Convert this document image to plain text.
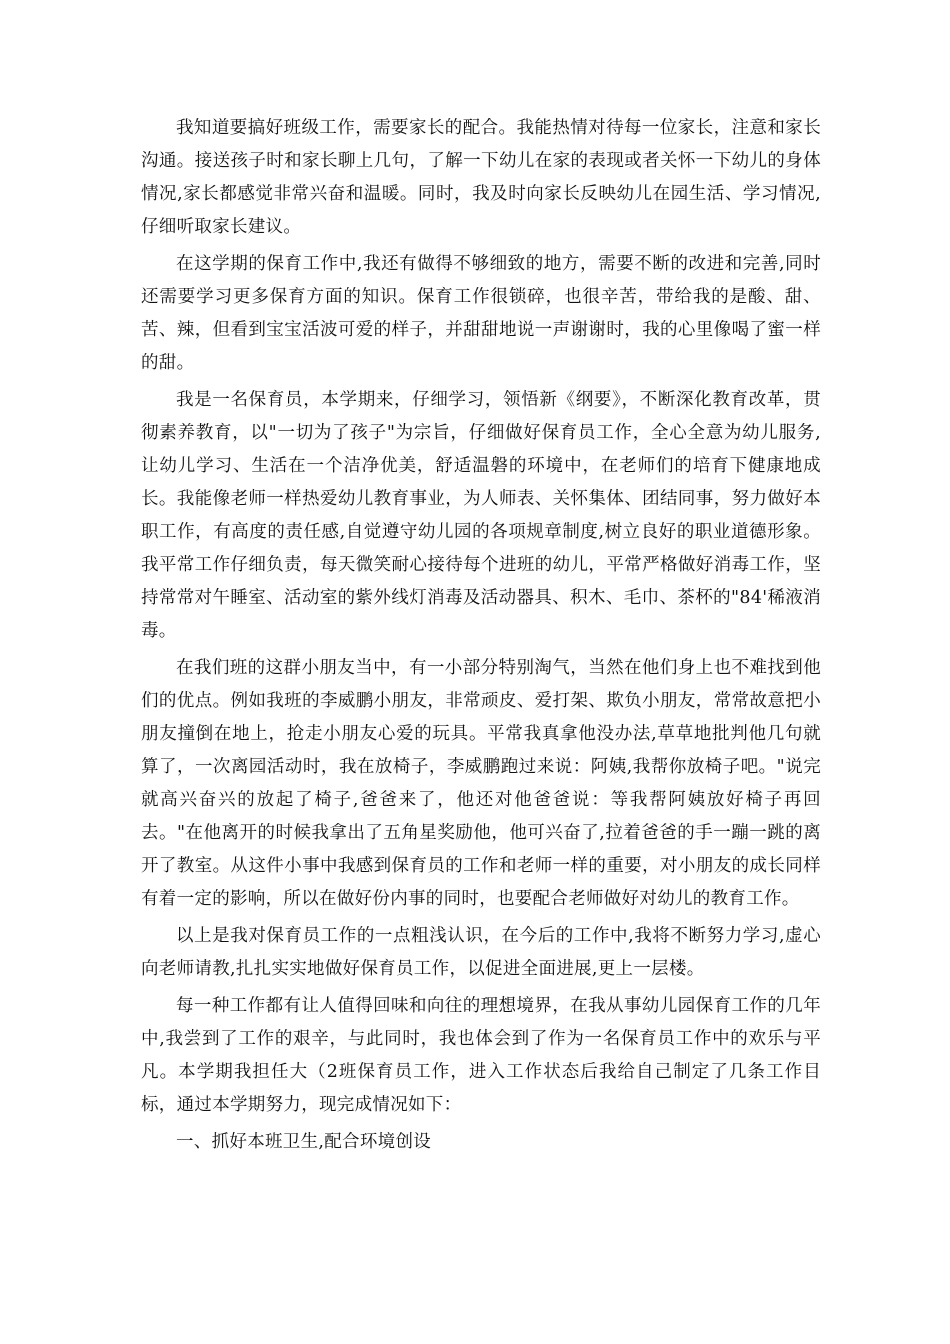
我知道要搞好班级工作，需要家长的配合。我能热情对待每一位家长，注意和家长沟通。接送孩子时和家长聊上几句，了解一下幼儿在家的表现或者关怀一下幼儿的身体情况,家长都感觉非常兴奋和温暖。同时，我及时向家长反映幼儿在园生活、学习情况,仔细听取家长建议。

在这学期的保育工作中,我还有做得不够细致的地方，需要不断的改进和完善,同时还需要学习更多保育方面的知识。保育工作很锁碎，也很辛苦，带给我的是酸、甜、苦、辣，但看到宝宝活波可爱的样子，并甜甜地说一声谢谢时，我的心里像喝了蜜一样的甜。

我是一名保育员，本学期来，仔细学习，领悟新《纲要》，不断深化教育改革，贯彻素养教育，以"一切为了孩子"为宗旨，仔细做好保育员工作，全心全意为幼儿服务,让幼儿学习、生活在一个洁净优美，舒适温磐的环境中，在老师们的培育下健康地成长。我能像老师一样热爱幼儿教育事业，为人师表、关怀集体、团结同事，努力做好本职工作，有高度的责任感,自觉遵守幼儿园的各项规章制度,树立良好的职业道德形象。我平常工作仔细负责，每天微笑耐心接待每个进班的幼儿，平常严格做好消毒工作，坚持常常对午睡室、活动室的紫外线灯消毒及活动器具、积木、毛巾、茶杯的"84'稀液消毒。

在我们班的这群小朋友当中，有一小部分特别淘气，当然在他们身上也不难找到他们的优点。例如我班的李威鹏小朋友，非常顽皮、爱打架、欺负小朋友，常常故意把小朋友撞倒在地上，抢走小朋友心爱的玩具。平常我真拿他没办法,草草地批判他几句就算了，一次离园活动时，我在放椅子，李威鹏跑过来说：阿姨,我帮你放椅子吧。"说完就高兴奋兴的放起了椅子,爸爸来了，他还对他爸爸说：等我帮阿姨放好椅子再回去。"在他离开的时候我拿出了五角星奖励他，他可兴奋了,拉着爸爸的手一蹦一跳的离开了教室。从这件小事中我感到保育员的工作和老师一样的重要，对小朋友的成长同样有着一定的影响，所以在做好份内事的同时，也要配合老师做好对幼儿的教育工作。

以上是我对保育员工作的一点粗浅认识，在今后的工作中,我将不断努力学习,虚心向老师请教,扎扎实实地做好保育员工作，以促进全面进展,更上一层楼。

每一种工作都有让人值得回味和向往的理想境界，在我从事幼儿园保育工作的几年中,我尝到了工作的艰辛，与此同时，我也体会到了作为一名保育员工作中的欢乐与平凡。本学期我担任大（2班保育员工作，进入工作状态后我给自己制定了几条工作目标，通过本学期努力，现完成情况如下：

一、抓好本班卫生,配合环境创设
